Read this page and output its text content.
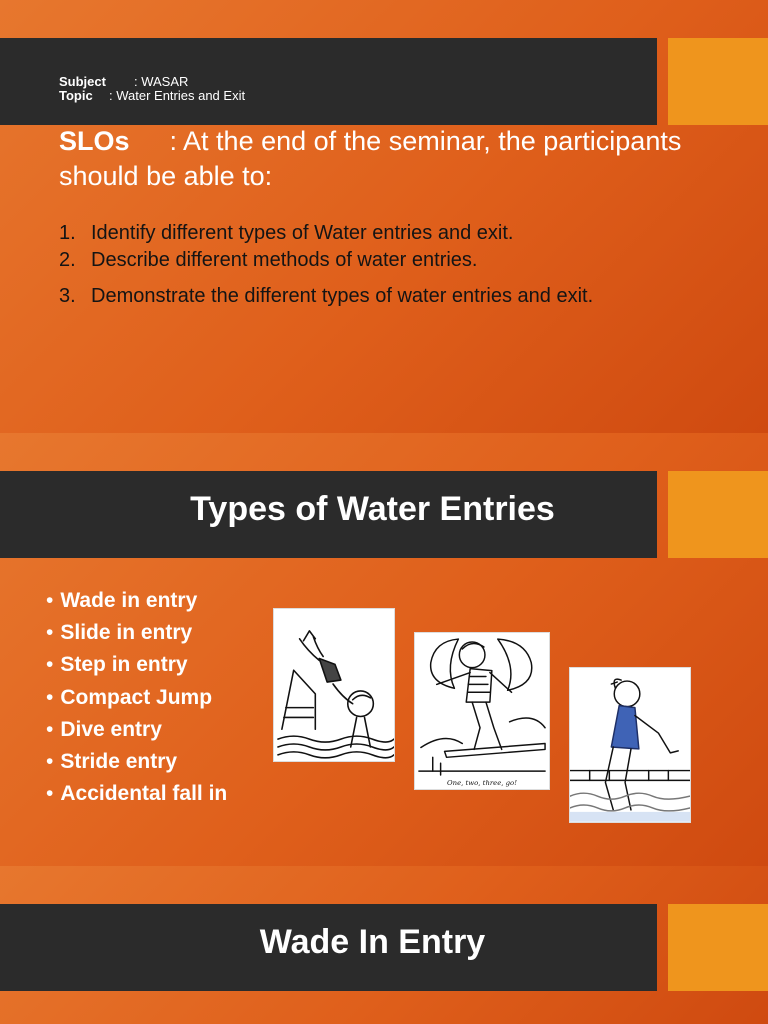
Subject : WASAR
Topic : Water Entries and Exit
SLOs : At the end of the seminar, the participants should be able to:
1. Identify different types of Water entries and exit.
2. Describe different methods of water entries.
3. Demonstrate the different types of water entries and exit.
Types of Water Entries
• Wade in entry
• Slide in entry
• Step in entry
• Compact Jump
• Dive entry
• Stride entry
• Accidental fall in	One, two, three, go!
Wade In Entry
